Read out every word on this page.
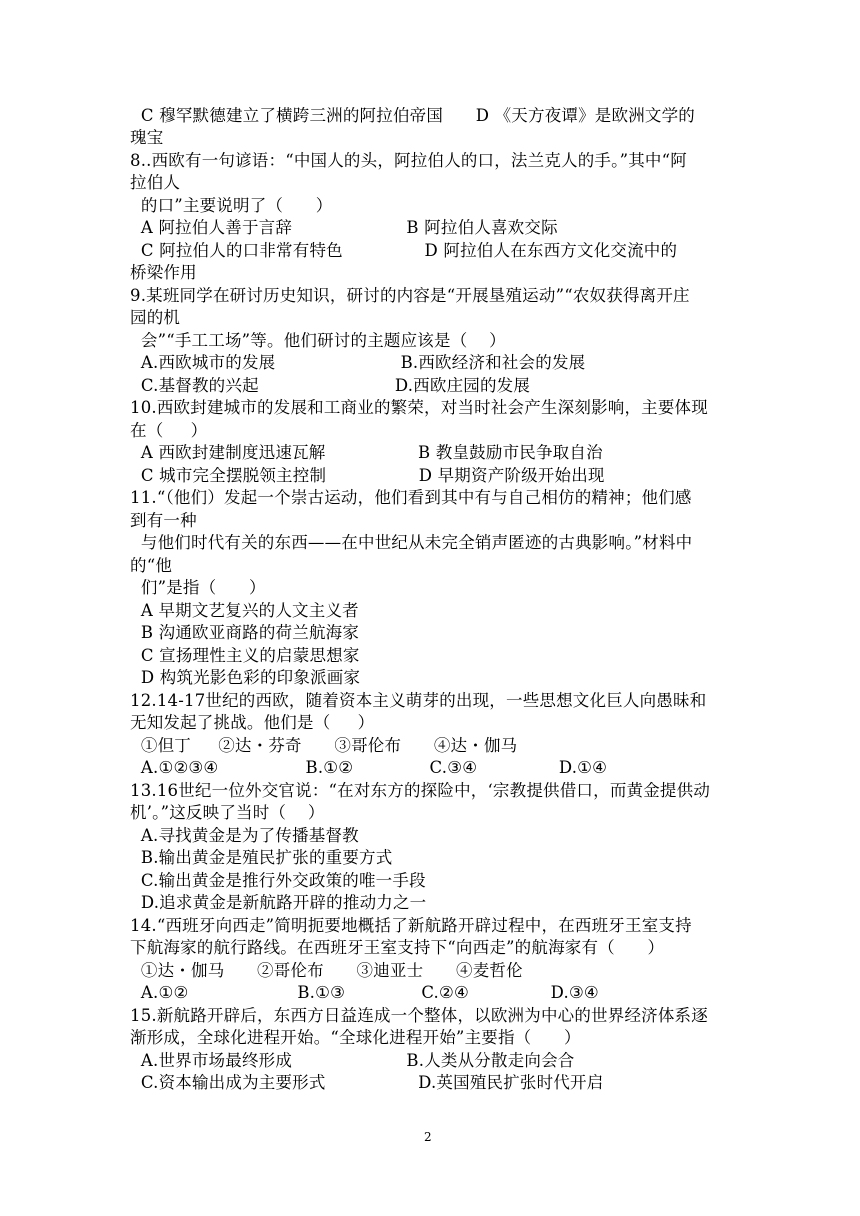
C 穆罕默德建立了横跨三洲的阿拉伯帝国      D 《天方夜谭》是欧洲文学的
瑰宝
8..西欧有一句谚语：“中国人的头，阿拉伯人的口，法兰克人的手。”其中“阿
拉伯人
的口”主要说明了（      ）
A 阿拉伯人善于言辞                     B 阿拉伯人喜欢交际
C 阿拉伯人的口非常有特色               D 阿拉伯人在东西方文化交流中的
桥梁作用
9.某班同学在研讨历史知识，研讨的内容是“开展垦殖运动”“农奴获得离开庄
园的机
会”“手工工场”等。他们研讨的主题应该是（    ）
A.西欧城市的发展                       B.西欧经济和社会的发展
C.基督教的兴起                         D.西欧庄园的发展
10.西欧封建城市的发展和工商业的繁荣，对当时社会产生深刻影响，主要体现
在（     ）
A 西欧封建制度迅速瓦解                 B 教皇鼓励市民争取自治
C 城市完全摆脱领主控制                 D 早期资产阶级开始出现
11.“（他们）发起一个崇古运动，他们看到其中有与自己相仿的精神；他们感
到有一种
与他们时代有关的东西——在中世纪从未完全销声匿迹的古典影响。”材料中
的“他
们”是指（      ）
A 早期文艺复兴的人文主义者
B 沟通欧亚商路的荷兰航海家
C 宣扬理性主义的启蒙思想家
D 构筑光影色彩的印象派画家
12.14-17世纪的西欧，随着资本主义萌芽的出现，一些思想文化巨人向愚昧和
无知发起了挑战。他们是（     ）
①但丁     ②达・芬奇      ③哥伦布      ④达・伽马
A.①②③④                B.①②              C.③④               D.①④
13.16世纪一位外交官说：“在对东方的探险中，‘宗教提供借口，而黄金提供动
机’。”这反映了当时（    ）
A.寻找黄金是为了传播基督教
B.输出黄金是殖民扩张的重要方式
C.输出黄金是推行外交政策的唯一手段
D.追求黄金是新航路开辟的推动力之一
14.“西班牙向西走”简明扼要地概括了新航路开辟过程中，在西班牙王室支持
下航海家的航行路线。在西班牙王室支持下“向西走”的航海家有（      ）
①达・伽马      ②哥伦布      ③迪亚士      ④麦哲伦
A.①②                    B.①③              C.②④               D.③④
15.新航路开辟后，东西方日益连成一个整体，以欧洲为中心的世界经济体系逐
渐形成，全球化进程开始。“全球化进程开始”主要指（      ）
A.世界市场最终形成                     B.人类从分散走向会合
C.资本输出成为主要形式                 D.英国殖民扩张时代开启
2
